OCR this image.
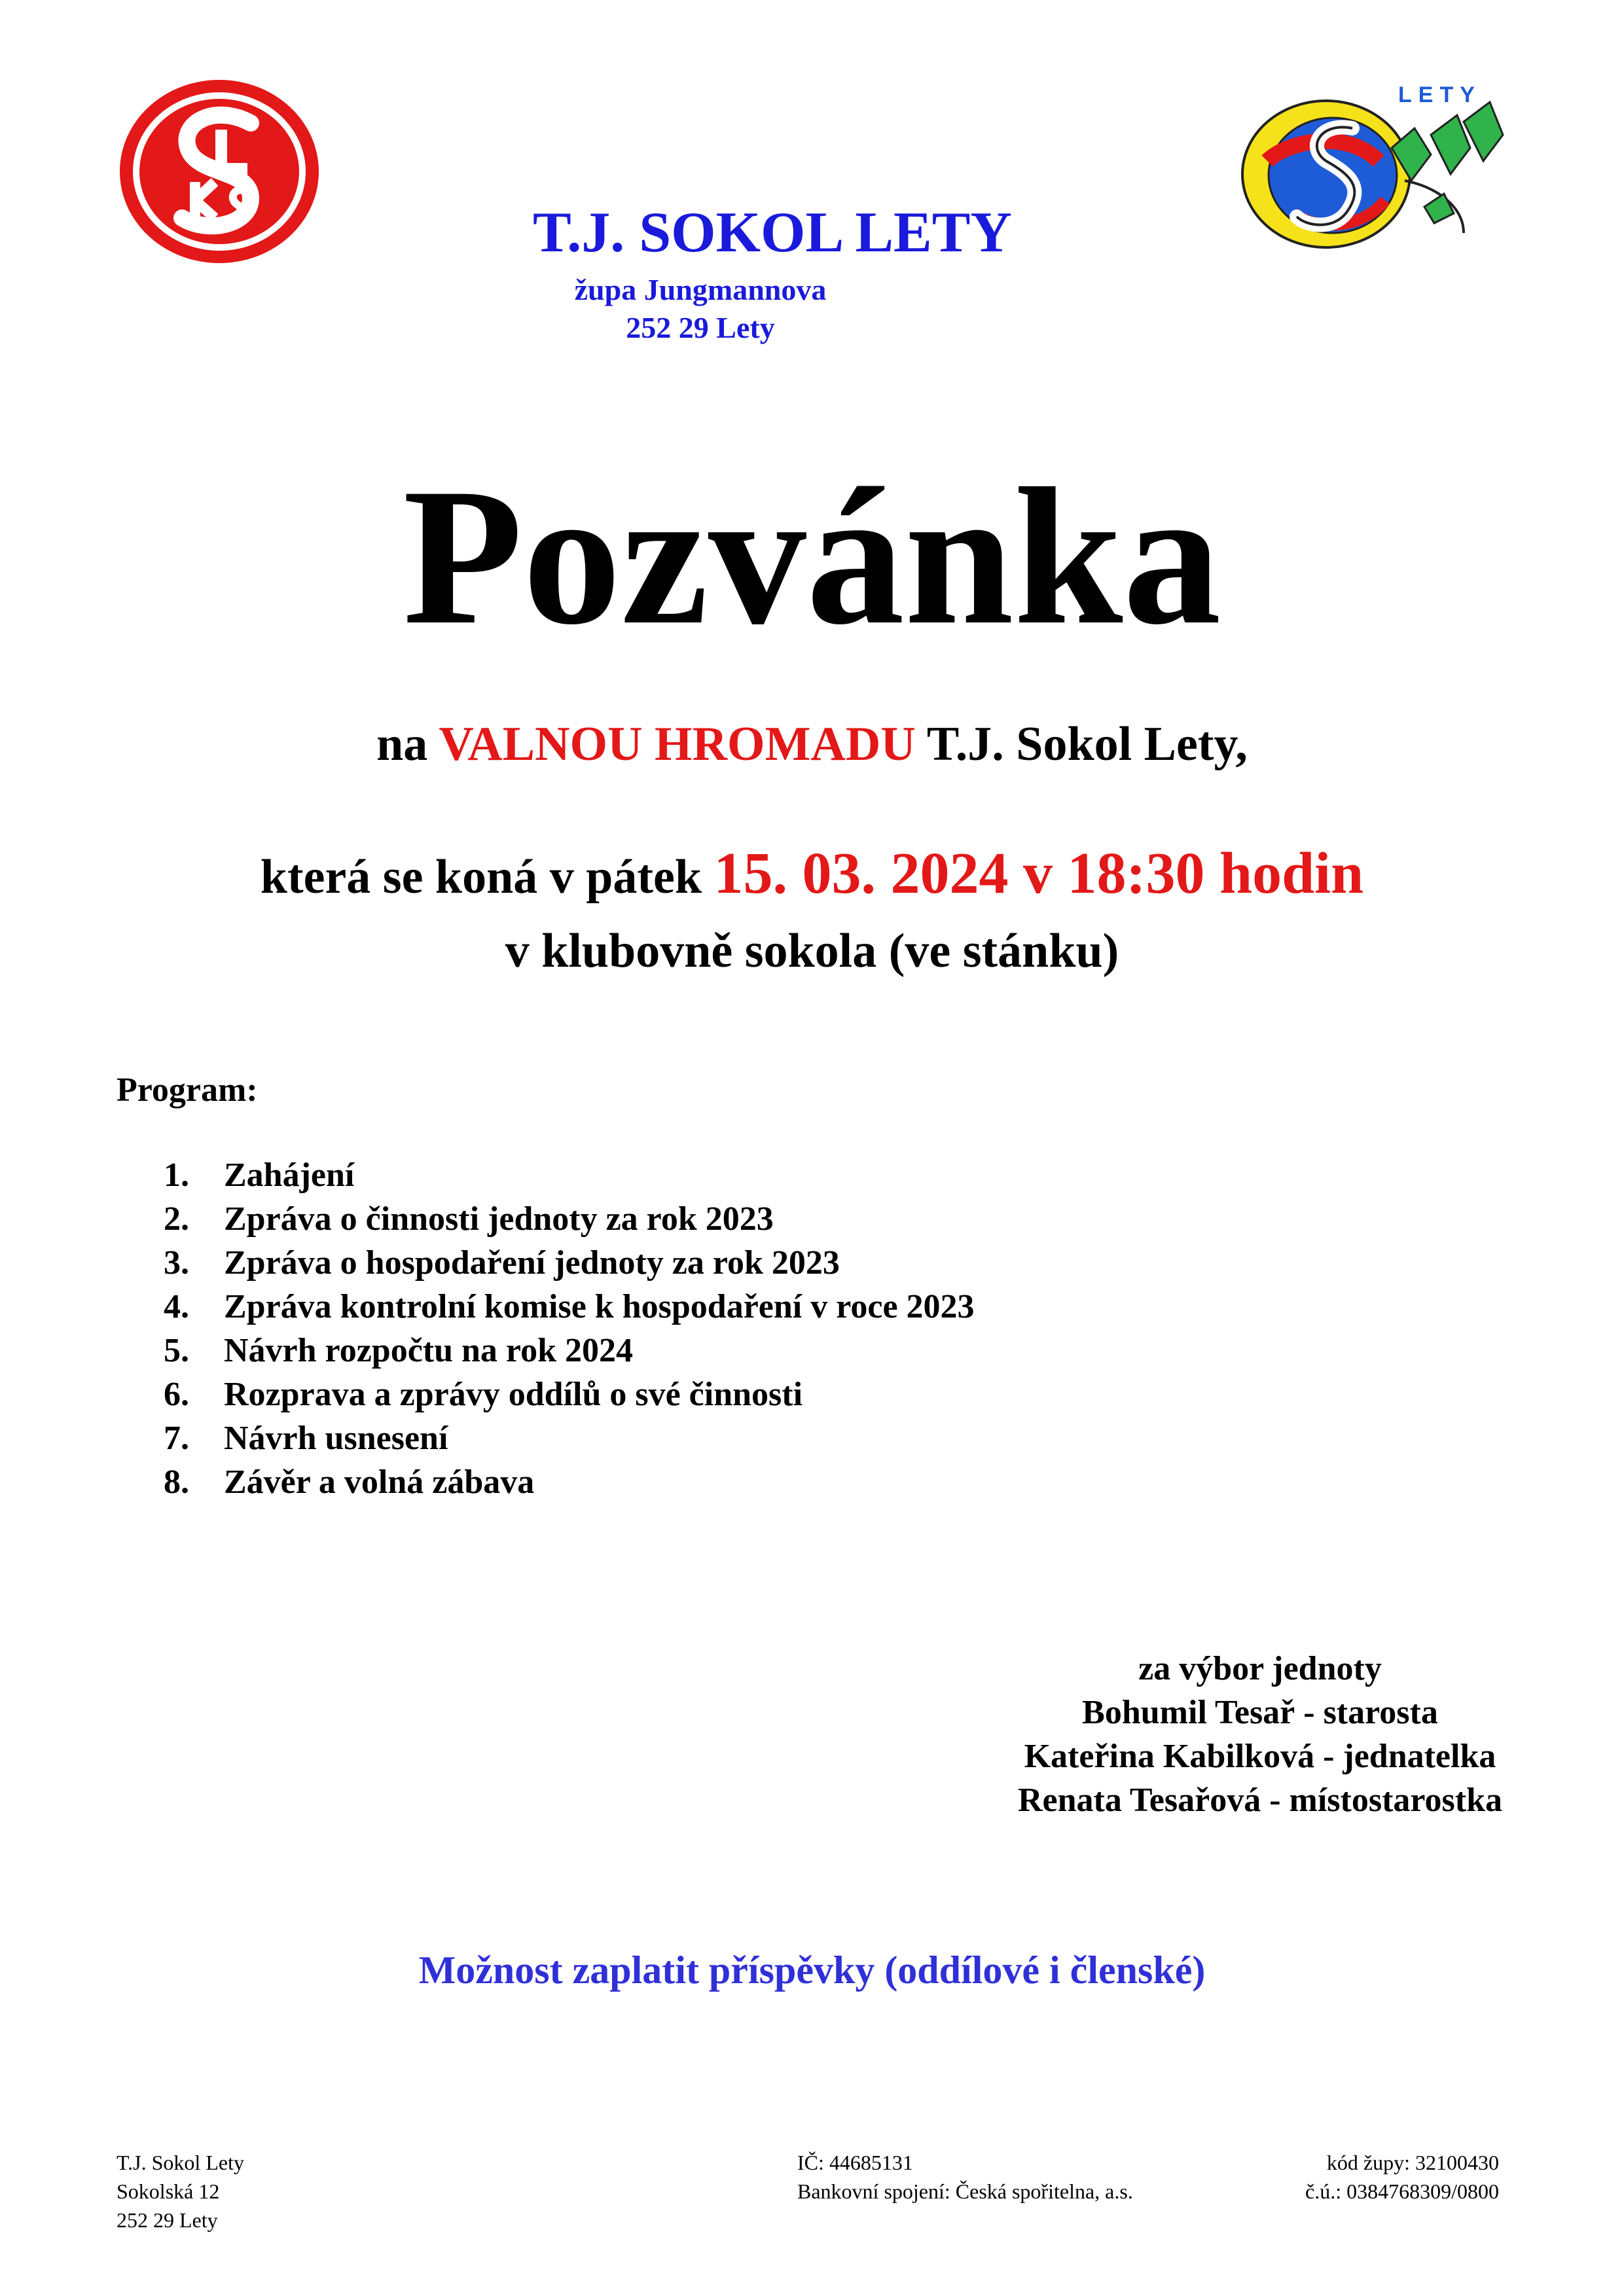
LETY
T.J. SOKOL LETY
župa Jungmannova
252 29 Lety
Pozvánka
na VALNOU HROMADU T.J. Sokol Lety,
která se koná v pátek 15. 03. 2024 v 18:30 hodin
v klubovně sokola (ve stánku)
Program:
1. Zahájení
2. Zpráva o činnosti jednoty za rok 2023
3. Zpráva o hospodaření jednoty za rok 2023
4. Zpráva kontrolní komise k hospodaření v roce 2023
5. Návrh rozpočtu na rok 2024
6. Rozprava a zprávy oddílů o své činnosti
7. Návrh usnesení
8. Závěr a volná zábava
za výbor jednoty
Bohumil Tesař - starosta
Kateřina Kabilková - jednatelka
Renata Tesařová - místostarostka
Možnost zaplatit příspěvky (oddílové i členské)
T.J. Sokol Lety
Sokolská 12
252 29 Lety
IČ: 44685131
Bankovní spojení: Česká spořitelna, a.s.
kód župy: 32100430
č.ú.: 0384768309/0800
